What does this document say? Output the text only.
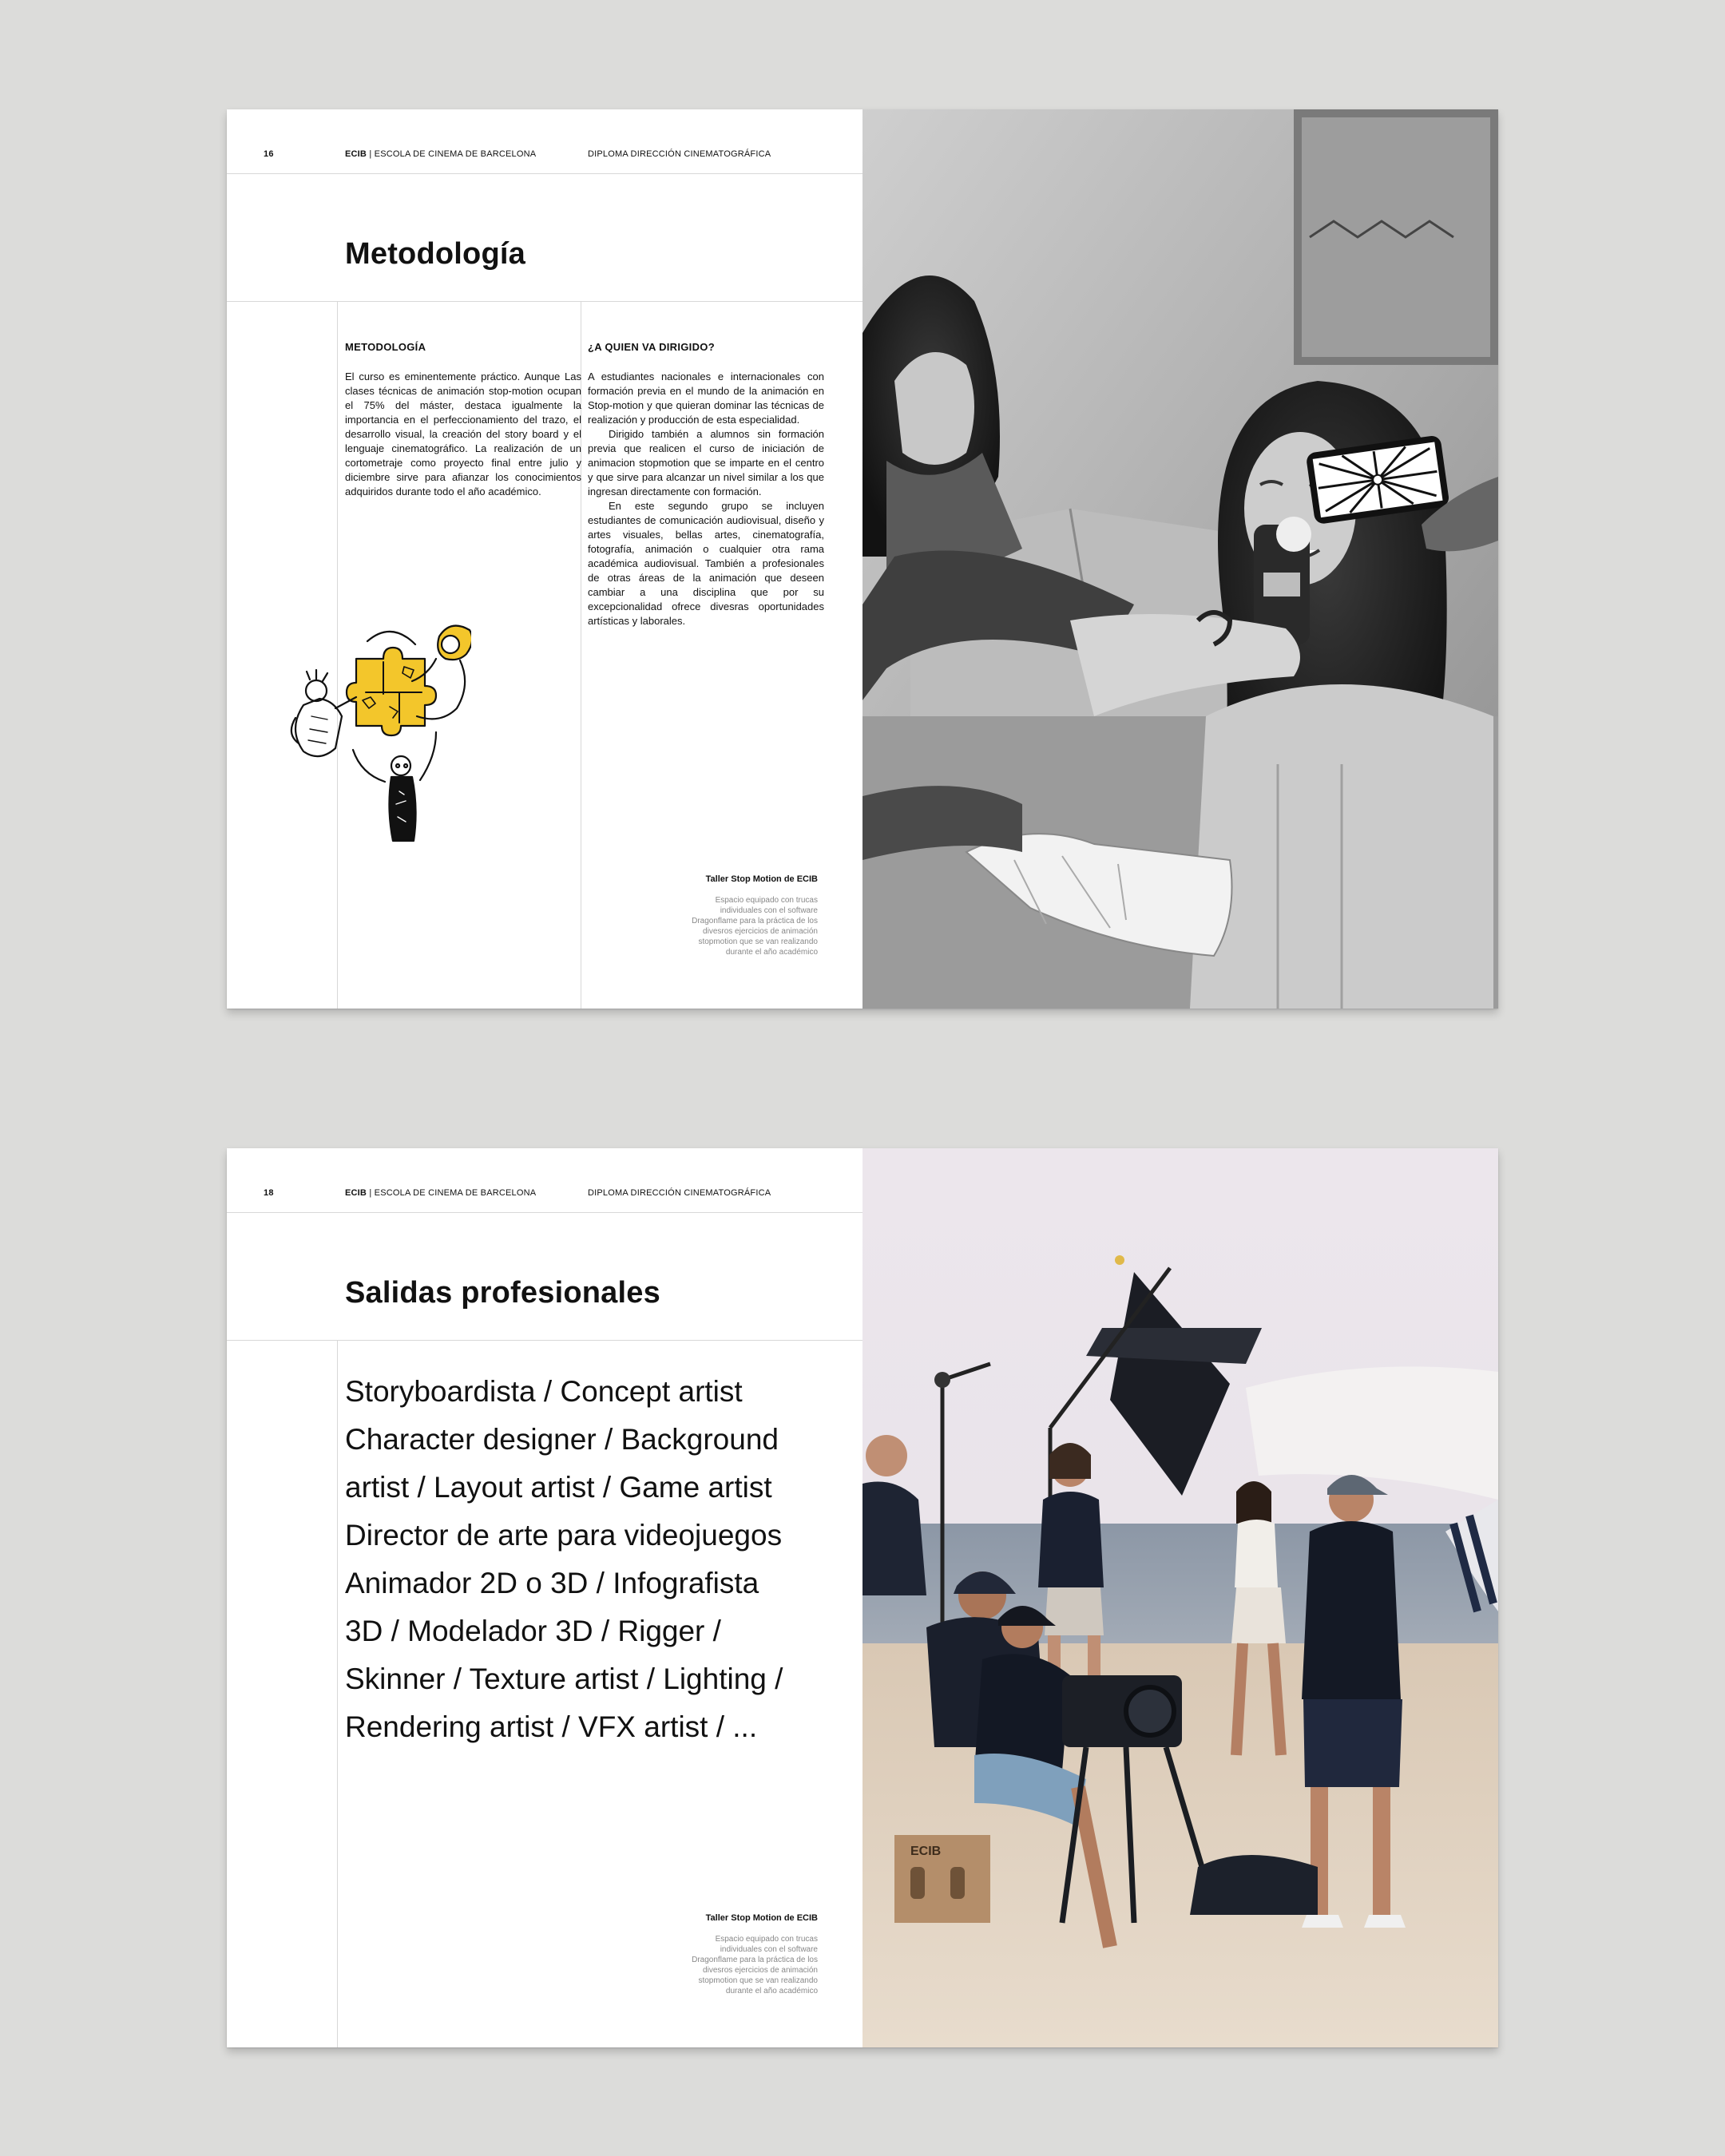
16	ECIB | ESCOLA DE CINEMA DE BARCELONA	DIPLOMA DIRECCIÓN CINEMATOGRÁFICA
Metodología
METODOLOGÍA

El curso es eminentemente práctico. Aunque Las clases técnicas de animación stop-motion ocupan el 75% del máster, destaca igualmente la importancia en el perfeccionamiento del trazo, el desarrollo visual, la creación del story board y el lenguaje cinematográfico. La realización de un cortometraje como proyecto final entre julio y diciembre sirve para afianzar los conocimientos adquiridos durante todo el año académico.

¿A QUIEN VA DIRIGIDO?

A estudiantes nacionales e internacionales con formación previa en el mundo de la animación en Stop-motion y que quieran dominar las técnicas de realización y producción de esta especialidad.

Dirigido también a alumnos sin formación previa que realicen el curso de iniciación de animacion stopmotion que se imparte en el centro y que sirve para alcanzar un nivel similar a los que ingresan directamente con formación.

En este segundo grupo se incluyen estudiantes de comunicación audiovisual, diseño y artes visuales, bellas artes, cinematografía, fotografía, animación o cualquier otra rama académica audiovisual. También a profesionales de otras áreas de la animación que deseen cambiar a una disciplina que por su excepcionalidad ofrece divesras oportunidades artísticas y laborales.

Taller Stop Motion de ECIB
Espacio equipado con trucas
individuales con el software
Dragonflame para la práctica de los
divesros ejercicios de animación
stopmotion que se van realizando
durante el año académico
18	ECIB | ESCOLA DE CINEMA DE BARCELONA	DIPLOMA DIRECCIÓN CINEMATOGRÁFICA
Salidas profesionales
Storyboardista / Concept artist
Character designer / Background
artist / Layout artist / Game artist
Director de arte para videojuegos
Animador 2D o 3D / Infografista
3D / Modelador 3D / Rigger /
Skinner / Texture artist / Lighting /
Rendering artist / VFX artist / ...
Taller Stop Motion de ECIB
Espacio equipado con trucas
individuales con el software
Dragonflame para la práctica de los
divesros ejercicios de animación
stopmotion que se van realizando
durante el año académico
ECIB
